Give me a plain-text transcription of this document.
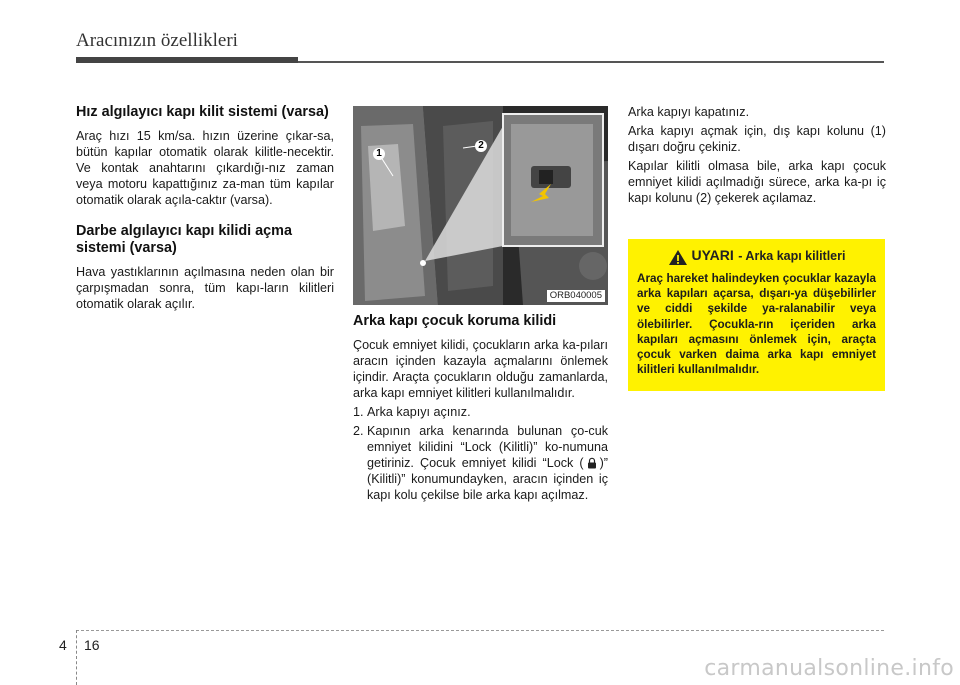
Aracınızın özellikleri
Hız algılayıcı kapı kilit sistemi (varsa)

Araç hızı 15 km/sa. hızın üzerine çıkar-sa, bütün kapılar otomatik olarak kilitle-necektir. Ve kontak anahtarını çıkardığı-nız zaman veya motoru kapattığınız za-man tüm kapılar otomatik olarak açıla-caktır (varsa).

Darbe algılayıcı kapı kilidi açma sistemi (varsa)

Hava yastıklarının açılmasına neden olan bir çarpışmadan sonra, tüm kapı-ların kilitleri otomatik olarak açılır.

1
2
ORB040005
Arka kapı çocuk koruma kilidi

Çocuk emniyet kilidi, çocukların arka ka-pıları aracın içinden kazayla açmalarını önlemek içindir. Araçta çocukların olduğu zamanlarda, arka kapı emniyet kilitleri kullanılmalıdır.

1. Arka kapıyı açınız.
2. Kapının arka kenarında bulunan ço-cuk emniyet kilidini “Lock (Kilitli)” ko-numuna getiriniz. Çocuk emniyet kilidi “Lock ( )” (Kilitli)” konumundayken, aracın içinden iç kapı kolu çekilse bile arka kapı açılmaz.

Arka kapıyı kapatınız.

Arka kapıyı açmak için, dış kapı kolunu (1) dışarı doğru çekiniz.

Kapılar kilitli olmasa bile, arka kapı çocuk emniyet kilidi açılmadığı sürece, arka ka-pı iç kapı kolunu (2) çekerek açılamaz.

UYARI - Arka kapı kilitleri
Araç hareket halindeyken çocuklar kazayla arka kapıları açarsa, dışarı-ya düşebilirler ve ciddi şekilde ya-ralanabilir veya ölebilirler. Çocukla-rın içeriden arka kapıları açmasını önlemek için, araçta çocuk varken daima arka kapı emniyet kilitleri kullanılmalıdır.
4 16
carmanualsonline.info
